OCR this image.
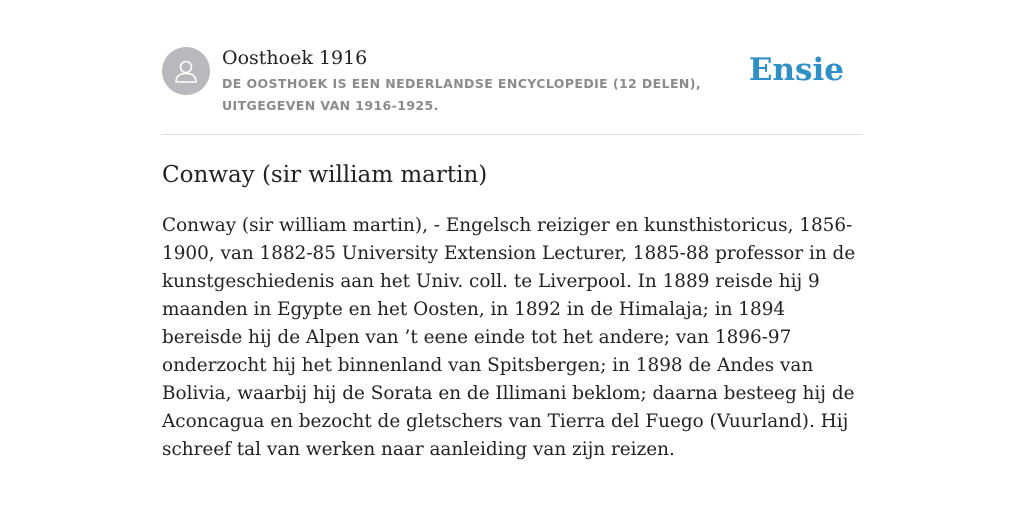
Oosthoek 1916
DE OOSTHOEK IS EEN NEDERLANDSE ENCYCLOPEDIE (12 DELEN), UITGEGEVEN VAN 1916-1925.
Ensie
Conway (sir william martin)

Conway (sir william martin), - Engelsch reiziger en kunsthistoricus, 1856-1900, van 1882-85 University Extension Lecturer, 1885-88 professor in de kunstgeschiedenis aan het Univ. coll. te Liverpool. In 1889 reisde hij 9 maanden in Egypte en het Oosten, in 1892 in de Himalaja; in 1894 bereisde hij de Alpen van ’t eene einde tot het andere; van 1896-97 onderzocht hij het binnenland van Spitsbergen; in 1898 de Andes van Bolivia, waarbij hij de Sorata en de Illimani beklom; daarna besteeg hij de Aconcagua en bezocht de gletschers van Tierra del Fuego (Vuurland). Hij schreef tal van werken naar aanleiding van zijn reizen.
